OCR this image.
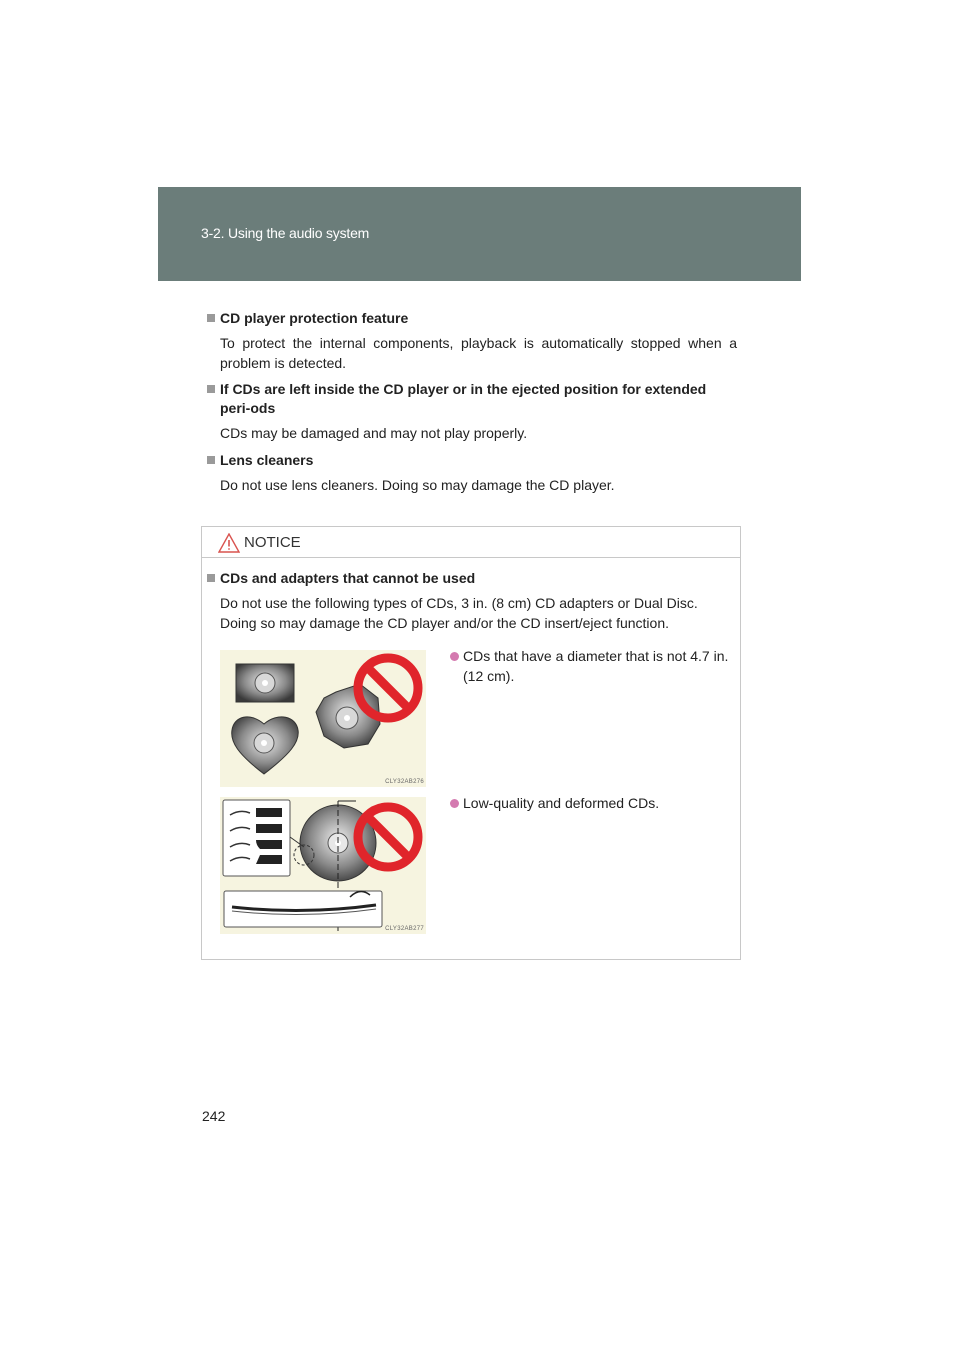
3-2. Using the audio system
CD player protection feature
To protect the internal components, playback is automatically stopped when a problem is detected.
If CDs are left inside the CD player or in the ejected position for extended peri-ods
CDs may be damaged and may not play properly.
Lens cleaners
Do not use lens cleaners. Doing so may damage the CD player.
NOTICE
CDs and adapters that cannot be used
Do not use the following types of CDs, 3 in. (8 cm) CD adapters or Dual Disc. Doing so may damage the CD player and/or the CD insert/eject function.
CLY32AB276
CDs that have a diameter that is not 4.7 in. (12 cm).
CLY32AB277
Low-quality and deformed CDs.
242
